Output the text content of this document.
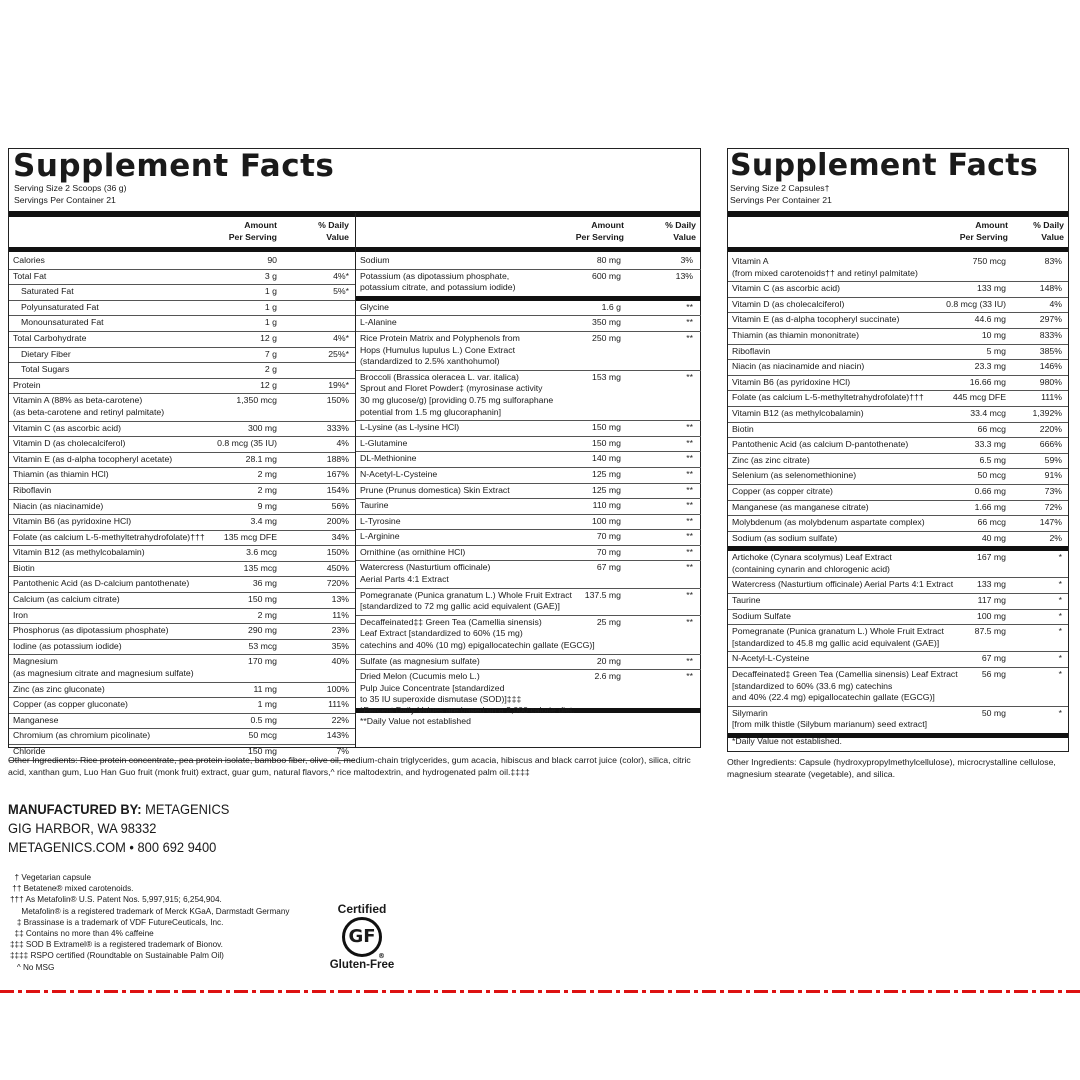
Supplement Facts
Serving Size 2 Scoops (36 g)
Servings Per Container 21
Amount
Per Serving
% Daily
Value
Calories	90
Total Fat	3 g	4%*
Saturated Fat	1 g	5%*
Polyunsaturated Fat	1 g
Monounsaturated Fat	1 g
Total Carbohydrate	12 g	4%*
Dietary Fiber	7 g	25%*
Total Sugars	2 g
Protein	12 g	19%*
Vitamin A (88% as beta-carotene)
(as beta-carotene and retinyl palmitate)
1,350 mcg	150%
Vitamin C (as ascorbic acid)	300 mg	333%
Vitamin D (as cholecalciferol)	0.8 mcg (35 IU)	4%
Vitamin E (as d-alpha tocopheryl acetate)	28.1 mg	188%
Thiamin (as thiamin HCl)	2 mg	167%
Riboflavin	2 mg	154%
Niacin (as niacinamide)	9 mg	56%
Vitamin B6 (as pyridoxine HCl)	3.4 mg	200%
Folate (as calcium L-5-methyltetrahydrofolate)†††	135 mcg DFE	34%
Vitamin B12 (as methylcobalamin)	3.6 mcg	150%
Biotin	135 mcg	450%
Pantothenic Acid (as D-calcium pantothenate)	36 mg	720%
Calcium (as calcium citrate)	150 mg	13%
Iron	2 mg	11%
Phosphorus (as dipotassium phosphate)	290 mg	23%
Iodine (as potassium iodide)	53 mcg	35%
Magnesium
(as magnesium citrate and magnesium sulfate)
170 mg	40%
Zinc (as zinc gluconate)	11 mg	100%
Copper (as copper gluconate)	1 mg	111%
Manganese	0.5 mg	22%
Chromium (as chromium picolinate)	50 mcg	143%
Chloride	150 mg	7%
Amount
Per Serving
% Daily
Value
Sodium	80 mg	3%
Potassium (as dipotassium phosphate,
potassium citrate, and potassium iodide)
600 mg	13%
Glycine	1.6 g	**
L-Alanine	350 mg	**
Rice Protein Matrix and Polyphenols from
Hops (Humulus lupulus L.) Cone Extract
(standardized to 2.5% xanthohumol)
250 mg	**
Broccoli (Brassica oleracea L. var. italica)
Sprout and Floret Powder‡ (myrosinase activity
30 mg glucose/g) [providing 0.75 mg sulforaphane
potential from 1.5 mg glucoraphanin]
153 mg	**
L-Lysine (as L-lysine HCl)	150 mg	**
L-Glutamine	150 mg	**
DL-Methionine	140 mg	**
N-Acetyl-L-Cysteine	125 mg	**
Prune (Prunus domestica) Skin Extract	125 mg	**
Taurine	110 mg	**
L-Tyrosine	100 mg	**
L-Arginine	70 mg	**
Ornithine (as ornithine HCl)	70 mg	**
Watercress (Nasturtium officinale)
Aerial Parts 4:1 Extract
67 mg	**
Pomegranate (Punica granatum L.) Whole Fruit Extract
[standardized to 72 mg gallic acid equivalent (GAE)]
137.5 mg	**
Decaffeinated‡‡ Green Tea (Camellia sinensis)
Leaf Extract [standardized to 60% (15 mg)
catechins and 40% (10 mg) epigallocatechin gallate (EGCG)]
25 mg	**
Sulfate (as magnesium sulfate)	20 mg	**
Dried Melon (Cucumis melo L.)
Pulp Juice Concentrate [standardized
to 35 IU superoxide dismutase (SOD)]‡‡‡
2.6 mg	**
*Percent Daily Values are based on a 2,000 calorie diet.
**Daily Value not established
Supplement Facts
Serving Size 2 Capsules†
Servings Per Container 21
Amount
Per Serving
% Daily
Value
Vitamin A
(from mixed carotenoids†† and retinyl palmitate)
750 mcg	83%
Vitamin C (as ascorbic acid)	133 mg	148%
Vitamin D (as cholecalciferol)	0.8 mcg (33 IU)	4%
Vitamin E (as d-alpha tocopheryl succinate)	44.6 mg	297%
Thiamin (as thiamin mononitrate)	10 mg	833%
Riboflavin	5 mg	385%
Niacin (as niacinamide and niacin)	23.3 mg	146%
Vitamin B6 (as pyridoxine HCl)	16.66 mg	980%
Folate (as calcium L-5-methyltetrahydrofolate)†††	445 mcg DFE	111%
Vitamin B12 (as methylcobalamin)	33.4 mcg	1,392%
Biotin	66 mcg	220%
Pantothenic Acid (as calcium D-pantothenate)	33.3 mg	666%
Zinc (as zinc citrate)	6.5 mg	59%
Selenium (as selenomethionine)	50 mcg	91%
Copper (as copper citrate)	0.66 mg	73%
Manganese (as manganese citrate)	1.66 mg	72%
Molybdenum (as molybdenum aspartate complex)	66 mcg	147%
Sodium (as sodium sulfate)	40 mg	2%
Artichoke (Cynara scolymus) Leaf Extract
(containing cynarin and chlorogenic acid)
167 mg	*
Watercress (Nasturtium officinale) Aerial Parts 4:1 Extract	133 mg	*
Taurine	117 mg	*
Sodium Sulfate	100 mg	*
Pomegranate (Punica granatum L.) Whole Fruit Extract
[standardized to 45.8 mg gallic acid equivalent (GAE)]
87.5 mg	*
N-Acetyl-L-Cysteine	67 mg	*
Decaffeinated‡ Green Tea (Camellia sinensis) Leaf Extract
[standardized to 60% (33.6 mg) catechins
and 40% (22.4 mg) epigallocatechin gallate (EGCG)]
56 mg	*
Silymarin
[from milk thistle (Silybum marianum) seed extract]
50 mg	*
*Daily Value not established.
Other Ingredients: Rice protein concentrate, pea protein isolate, bamboo fiber, olive oil, medium-chain triglycerides, gum acacia, hibiscus and black carrot juice (color), silica, citric acid, xanthan gum, Luo Han Guo fruit (monk fruit) extract, guar gum, natural flavors,^ rice maltodextrin, and hydrogenated palm oil.‡‡‡‡
Other Ingredients: Capsule (hydroxypropylmethylcellulose), microcrystalline cellulose, magnesium stearate (vegetable), and silica.
MANUFACTURED BY: METAGENICS
GIG HARBOR, WA 98332
METAGENICS.COM • 800 692 9400
† Vegetarian capsule
†† Betatene® mixed carotenoids.
††† As Metafolin® U.S. Patent Nos. 5,997,915; 6,254,904.
Metafolin® is a registered trademark of Merck KGaA, Darmstadt Germany
‡ Brassinase is a trademark of VDF FutureCeuticals, Inc.
‡‡ Contains no more than 4% caffeine
‡‡‡ SOD B Extramel® is a registered trademark of Bionov.
‡‡‡‡ RSPO certified (Roundtable on Sustainable Palm Oil)
^ No MSG
Certified
GF
®
Gluten-Free
